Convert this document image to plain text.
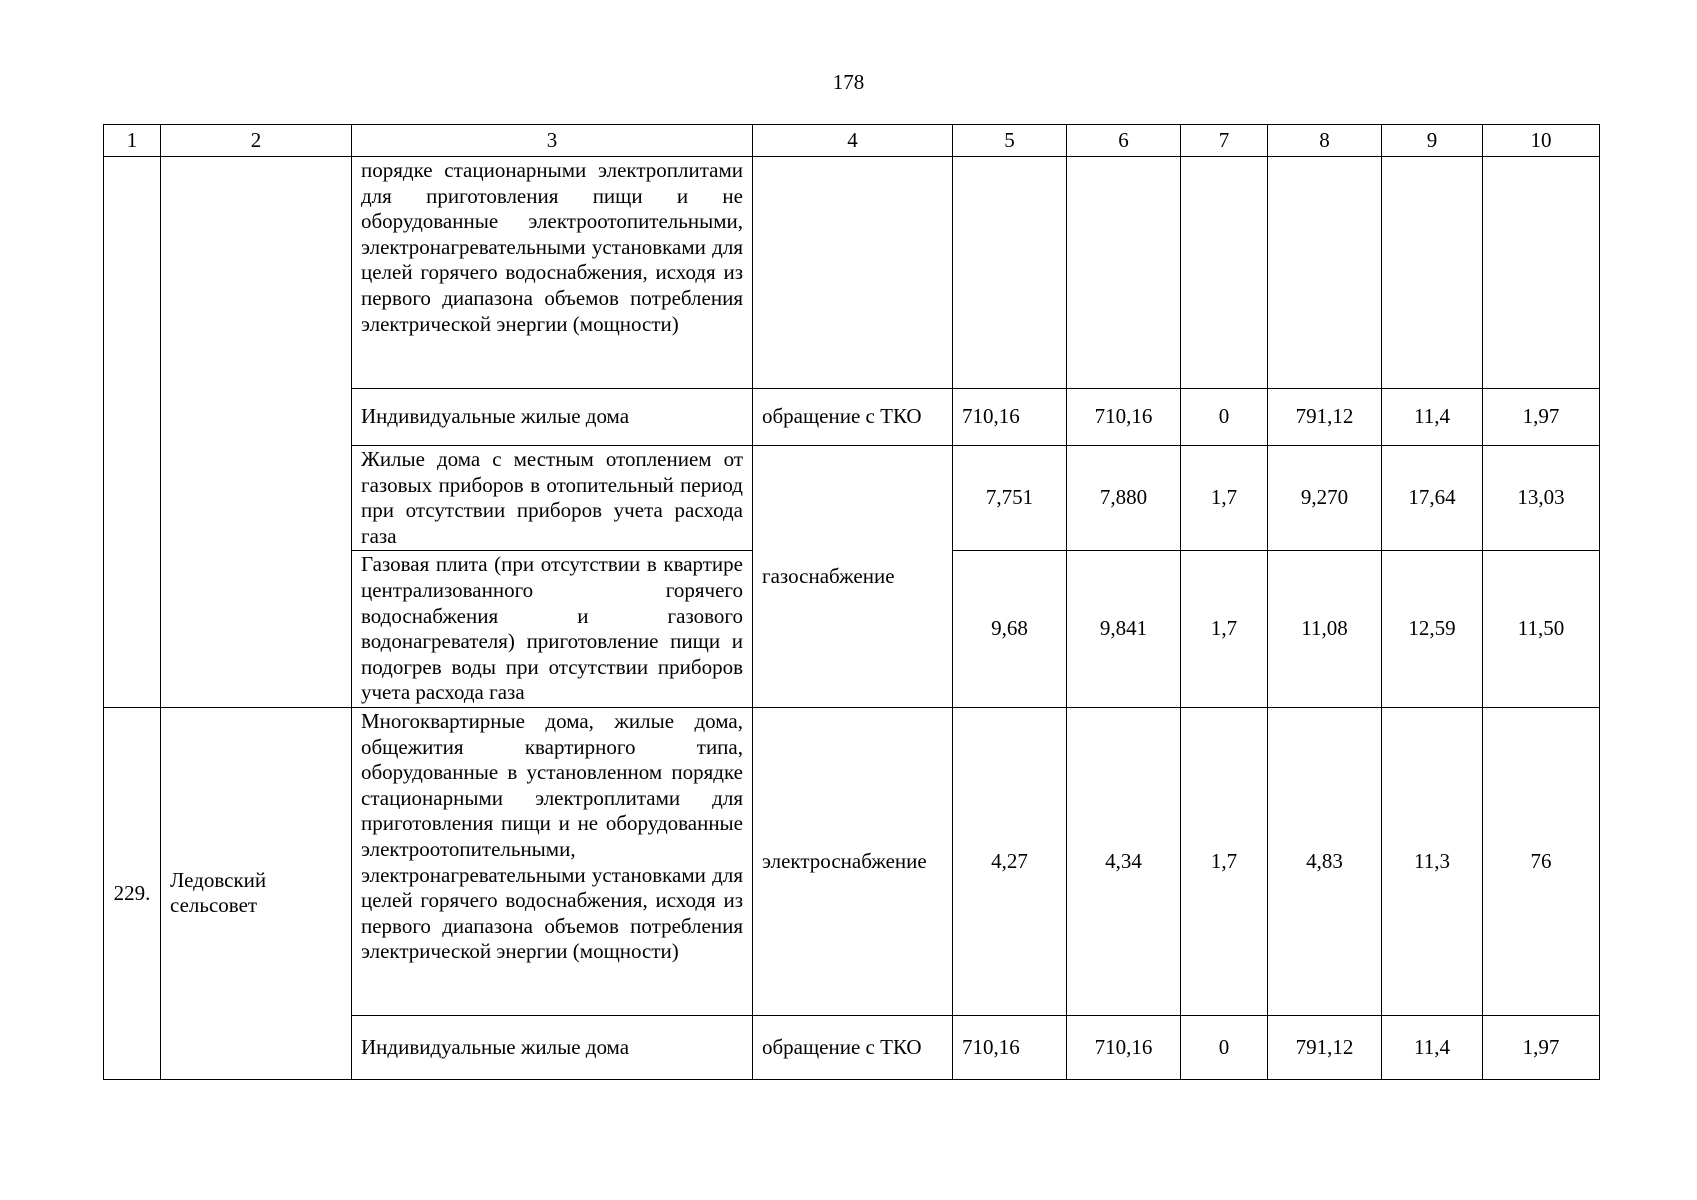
178
1	2	3	4	5	6	7	8	9	10
		порядке стационарными электроплитами для приготовления пищи и не оборудованные электроотопительными, электронагревательными установками для целей горячего водоснабжения, исходя из первого диапазона объемов потребления электрической энергии (мощности)							
		Индивидуальные жилые дома	обращение с ТКО	710,16	710,16	0	791,12	11,4	1,97
		Жилые дома с местным отоплением от газовых приборов в отопительный период при отсутствии приборов учета расхода газа	газоснабжение	7,751	7,880	1,7	9,270	17,64	13,03
		Газовая плита (при отсутствии в квартире централизованного горячего водоснабжения и газового водонагревателя) приготовление пищи и подогрев воды при отсутствии приборов учета расхода газа		9,68	9,841	1,7	11,08	12,59	11,50
229.	Ледовский сельсовет	Многоквартирные дома, жилые дома, общежития квартирного типа, оборудованные в установленном порядке стационарными электроплитами для приготовления пищи и не оборудованные электроотопительными, электронагревательными установками для целей горячего водоснабжения, исходя из первого диапазона объемов потребления электрической энергии (мощности)	электроснабжение	4,27	4,34	1,7	4,83	11,3	76
		Индивидуальные жилые дома	обращение с ТКО	710,16	710,16	0	791,12	11,4	1,97
